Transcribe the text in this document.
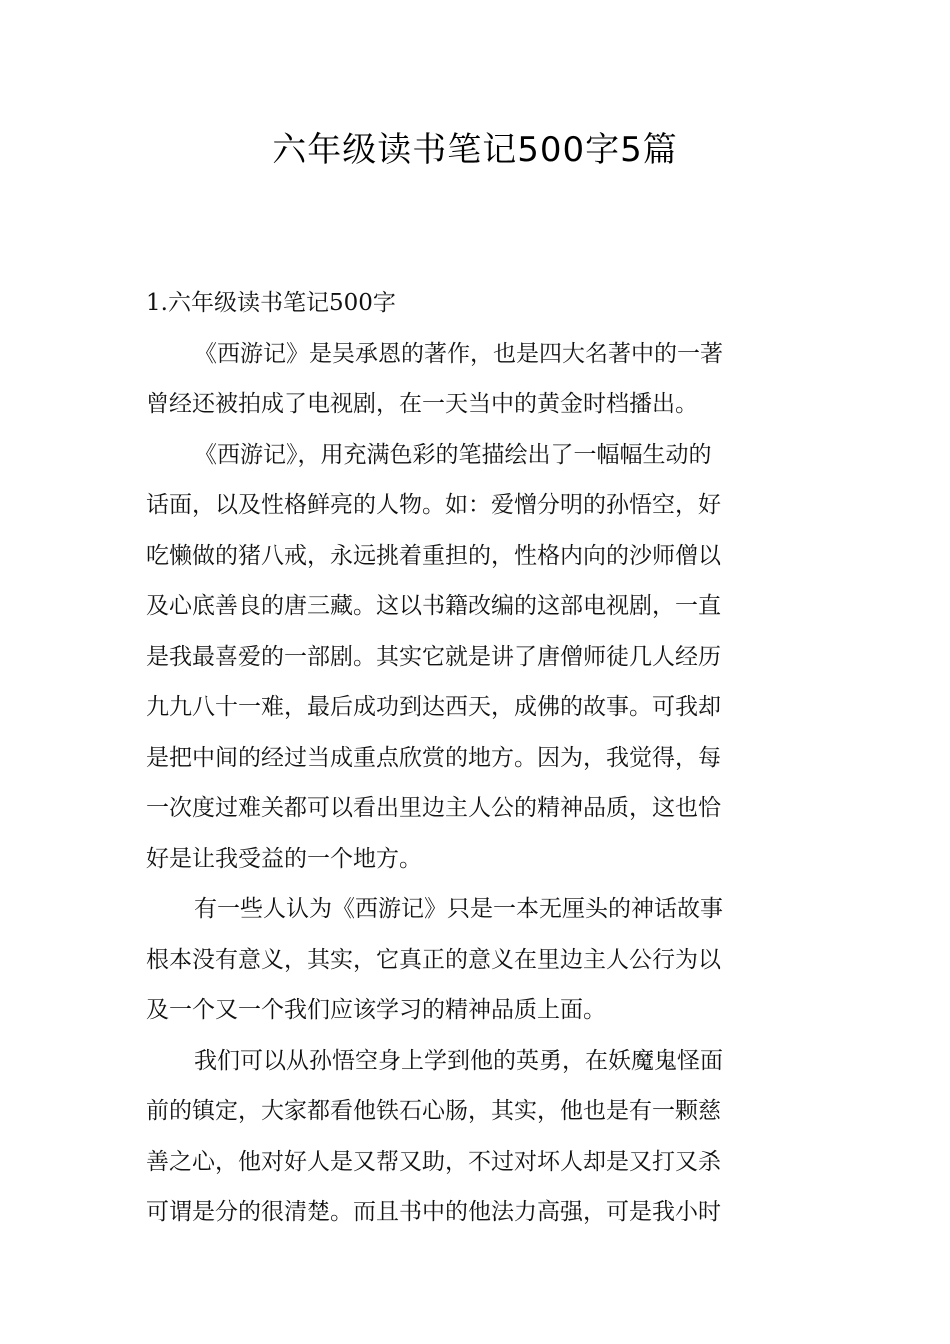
六年级读书笔记500字5篇
1.六年级读书笔记500字
《西游记》是吴承恩的著作，也是四大名著中的一著
曾经还被拍成了电视剧，在一天当中的黄金时档播出。
《西游记》，用充满色彩的笔描绘出了一幅幅生动的
话面，以及性格鲜亮的人物。如：爱憎分明的孙悟空，好
吃懒做的猪八戒，永远挑着重担的，性格内向的沙师僧以
及心底善良的唐三藏。这以书籍改编的这部电视剧，一直
是我最喜爱的一部剧。其实它就是讲了唐僧师徒几人经历
九九八十一难，最后成功到达西天，成佛的故事。可我却
是把中间的经过当成重点欣赏的地方。因为，我觉得，每
一次度过难关都可以看出里边主人公的精神品质，这也恰
好是让我受益的一个地方。
有一些人认为《西游记》只是一本无厘头的神话故事
根本没有意义，其实，它真正的意义在里边主人公行为以
及一个又一个我们应该学习的精神品质上面。
我们可以从孙悟空身上学到他的英勇，在妖魔鬼怪面
前的镇定，大家都看他铁石心肠，其实，他也是有一颗慈
善之心，他对好人是又帮又助，不过对坏人却是又打又杀
可谓是分的很清楚。而且书中的他法力高强，可是我小时
